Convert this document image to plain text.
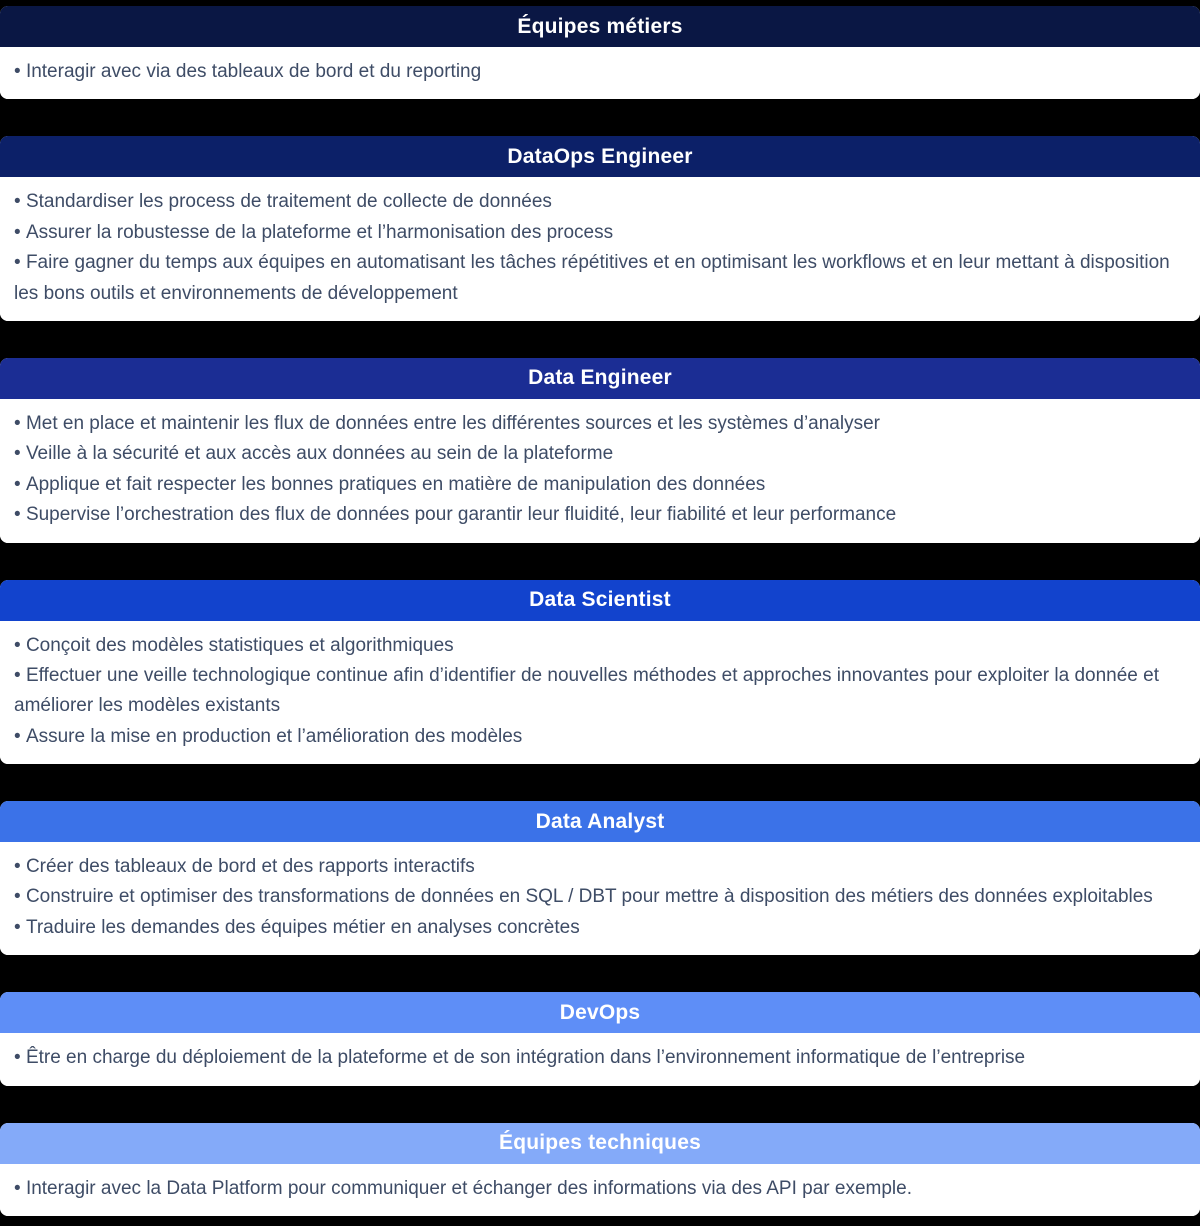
Équipes métiers
• Interagir avec via des tableaux de bord et du reporting
DataOps Engineer
• Standardiser les process de traitement de collecte de données
• Assurer la robustesse de la plateforme et l’harmonisation des process
• Faire gagner du temps aux équipes en automatisant les tâches répétitives et en optimisant les workflows et en leur mettant à disposition les bons outils et environnements de développement
Data Engineer
• Met en place et maintenir les flux de données entre les différentes sources et les systèmes d’analyser
• Veille à la sécurité et aux accès aux données au sein de la plateforme
• Applique et fait respecter les bonnes pratiques en matière de manipulation des données
• Supervise l’orchestration des flux de données pour garantir leur fluidité, leur fiabilité et leur performance
Data Scientist
• Conçoit des modèles statistiques et algorithmiques
• Effectuer une veille technologique continue afin d’identifier de nouvelles méthodes et approches innovantes pour exploiter la donnée et améliorer les modèles existants
• Assure la mise en production et l’amélioration des modèles
Data Analyst
• Créer des tableaux de bord et des rapports interactifs
• Construire et optimiser des transformations de données en SQL / DBT pour mettre à disposition des métiers des données exploitables
• Traduire les demandes des équipes métier en analyses concrètes
DevOps
• Être en charge du déploiement de la plateforme et de son intégration dans l’environnement informatique de l’entreprise
Équipes techniques
• Interagir avec la Data Platform pour communiquer et échanger des informations via des API par exemple.
